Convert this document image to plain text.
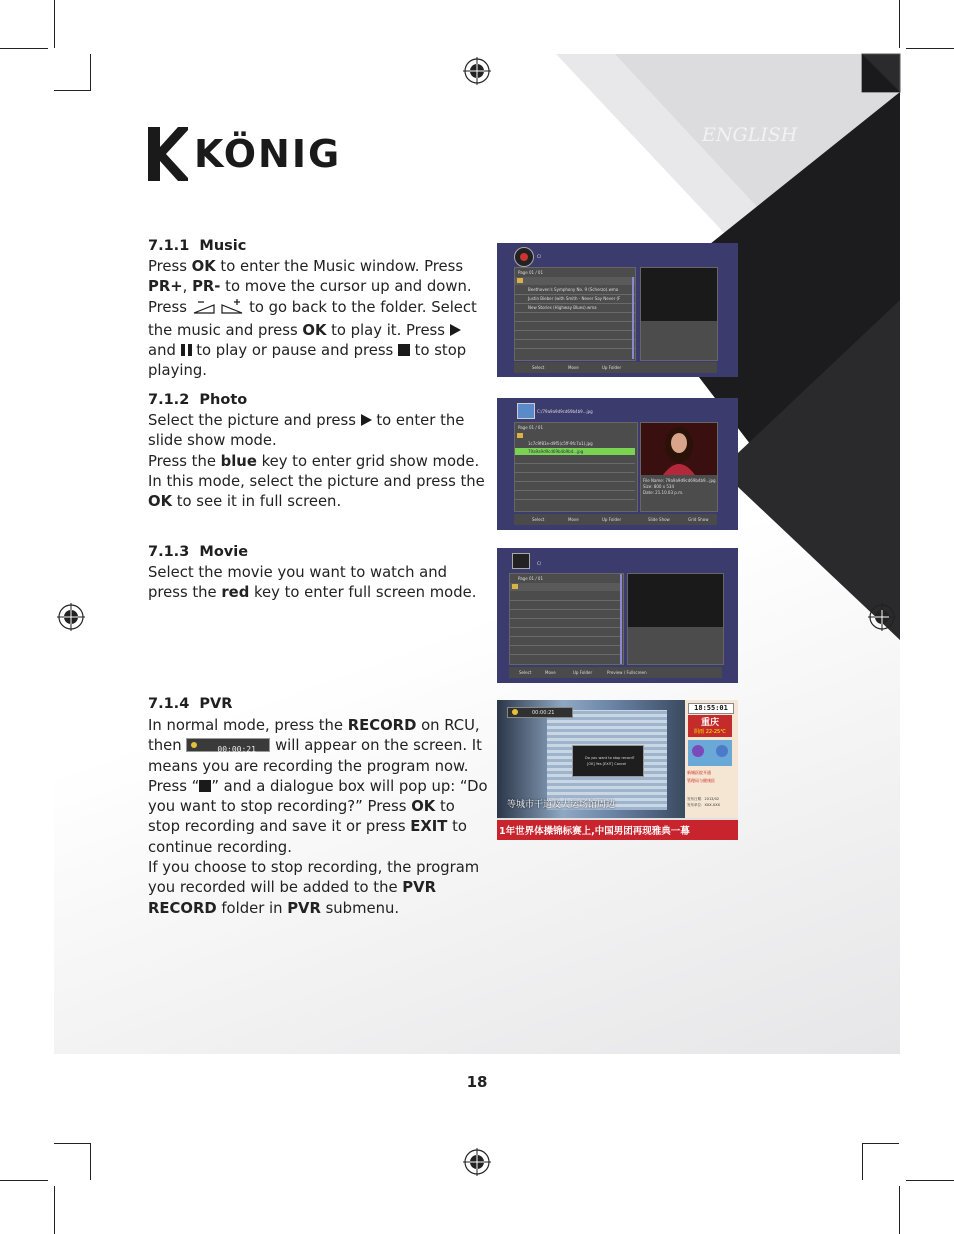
KÖNIG	ENGLISH
7.1.1 Music
7.1.2 Photo
7.1.3 Movie
7.1.4 PVR
Press OK to enter the Music window. Press PR+, PR- to move the cursor up and down. Press	to go back to the folder. Select the music and press OK to play it. Press  and  to play or pause and press  to stop playing.
Select the picture and press  to enter the slide show mode.
Press the blue key to enter grid show mode. In this mode, select the picture and press the OK to see it in full screen.
Select the movie you want to watch and press the red key to enter full screen mode.
In normal mode, press the RECORD on RCU, then	00:00:21 will appear on the screen. It means you are recording the program now.
Press “ ” and a dialogue box will pop up: “Do you want to stop recording?” Press OK to stop recording and save it or press EXIT to continue recording.
If you choose to stop recording, the program you recorded will be added to the PVR RECORD folder in PVR submenu.
C/
Page 01 / 01
Beethoven's Symphony No. 9 (Scherzo).wma
Justin Bieber (with Smith - Never Say Never (F
New Stories (Highway Blues).wma
Select	Move	Up Folder
C:/79a9a9d9cd69b4b9...jpg
Page 01 / 01
1c7c9f81e-d9f5(c5ff-9fc7a1).jpg
79a9a9d9cd69b4b9b4...jpg
File Name: 79a9a9d9cd69b4b9...jpg
Size: 800 x 534
Date: 21.10.03 p.m.
Select	Move	Up Folder	Slide Show	Grid Show
C/
Page 01 / 01
Select	Move	Up Folder	Preview / Fullscreen
00:00:21
Do you want to stop record?
[OK] Yes [EXIT] Cancel
等城市干道及大运场馆周边
18:55:01
重庆
阴雨 22-25℃
新城医院开通
管理局与健康医
发布日期：2013/02
发布单位：XXX.XXX
1年世界体操锦标赛上,中国男团再现雅典一幕
18
